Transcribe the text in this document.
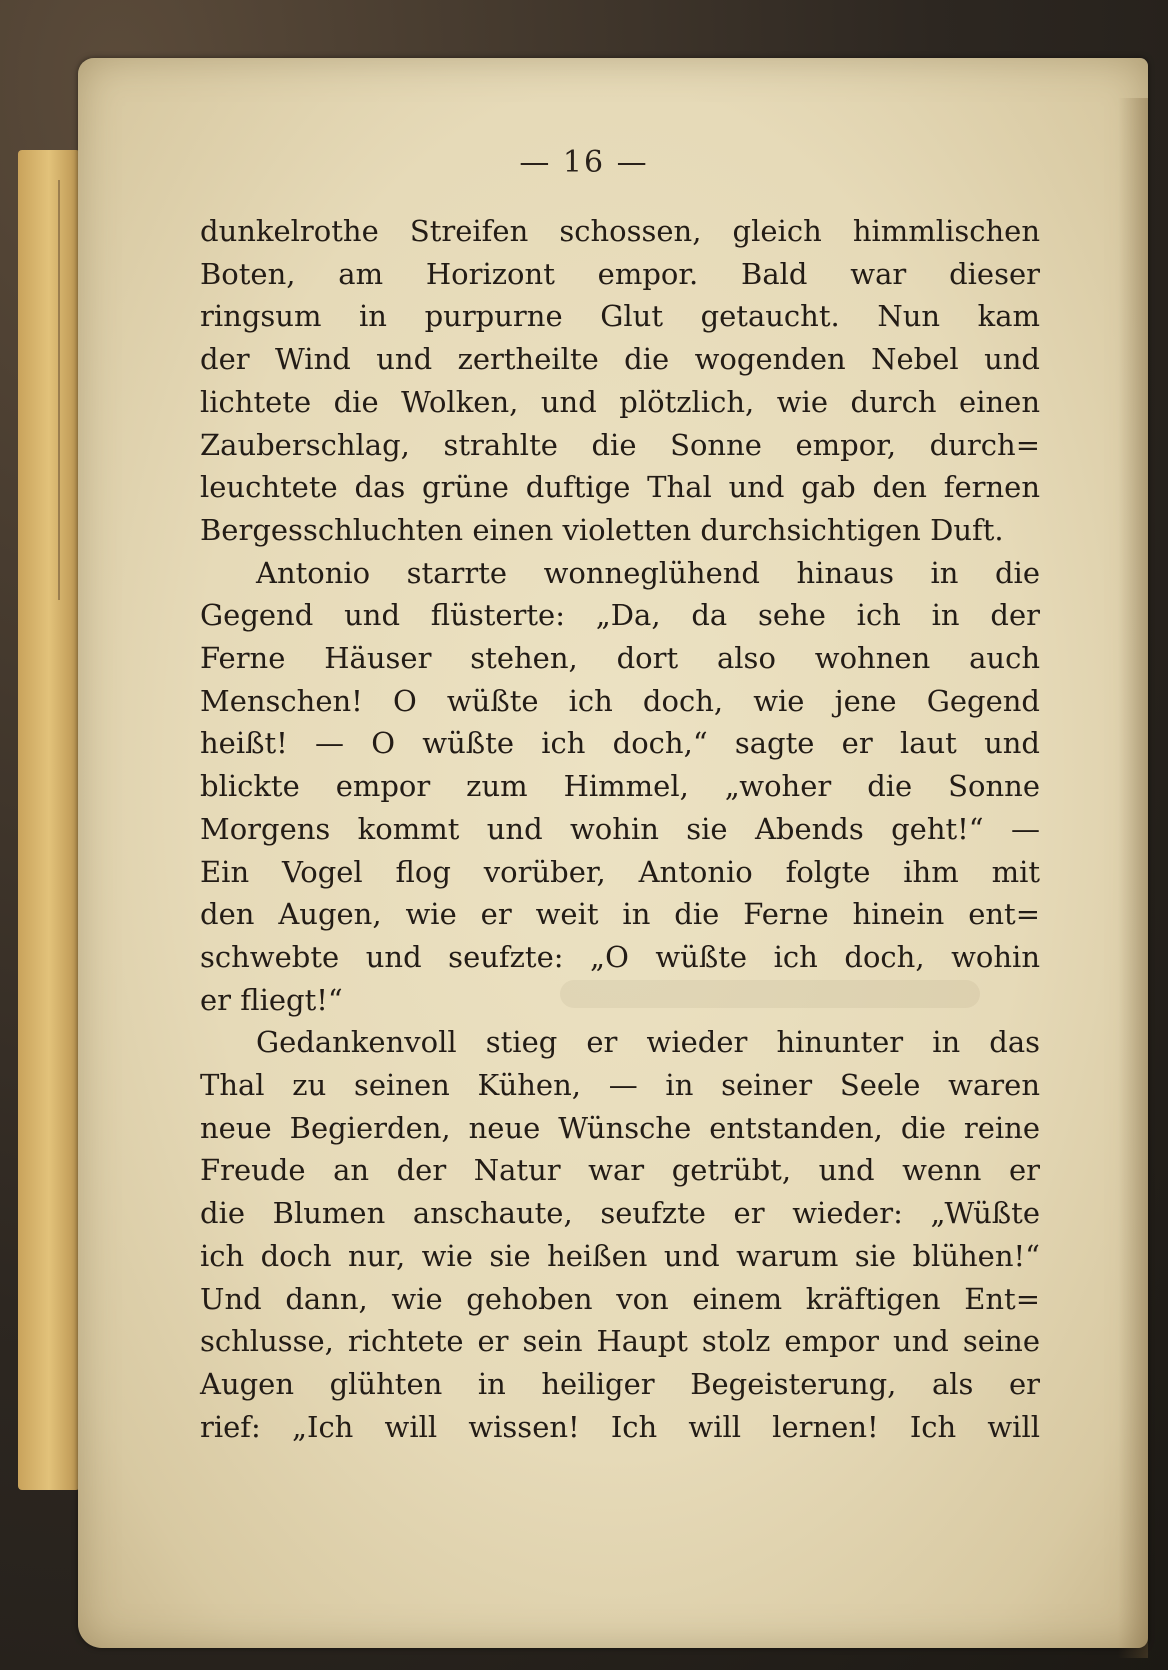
— 16 —
dunkelrothe Streifen schossen, gleich himmlischen
Boten, am Horizont empor. Bald war dieser
ringsum in purpurne Glut getaucht. Nun kam
der Wind und zertheilte die wogenden Nebel und
lichtete die Wolken, und plötzlich, wie durch einen
Zauberschlag, strahlte die Sonne empor, durch=
leuchtete das grüne duftige Thal und gab den fernen
Bergesschluchten einen violetten durchsichtigen Duft.
Antonio starrte wonneglühend hinaus in die
Gegend und flüsterte: „Da, da sehe ich in der
Ferne Häuser stehen, dort also wohnen auch
Menschen! O wüßte ich doch, wie jene Gegend
heißt! — O wüßte ich doch,“ sagte er laut und
blickte empor zum Himmel, „woher die Sonne
Morgens kommt und wohin sie Abends geht!“ —
Ein Vogel flog vorüber, Antonio folgte ihm mit
den Augen, wie er weit in die Ferne hinein ent=
schwebte und seufzte: „O wüßte ich doch, wohin
er fliegt!“
Gedankenvoll stieg er wieder hinunter in das
Thal zu seinen Kühen, — in seiner Seele waren
neue Begierden, neue Wünsche entstanden, die reine
Freude an der Natur war getrübt, und wenn er
die Blumen anschaute, seufzte er wieder: „Wüßte
ich doch nur, wie sie heißen und warum sie blühen!“
Und dann, wie gehoben von einem kräftigen Ent=
schlusse, richtete er sein Haupt stolz empor und seine
Augen glühten in heiliger Begeisterung, als er
rief: „Ich will wissen! Ich will lernen! Ich will
